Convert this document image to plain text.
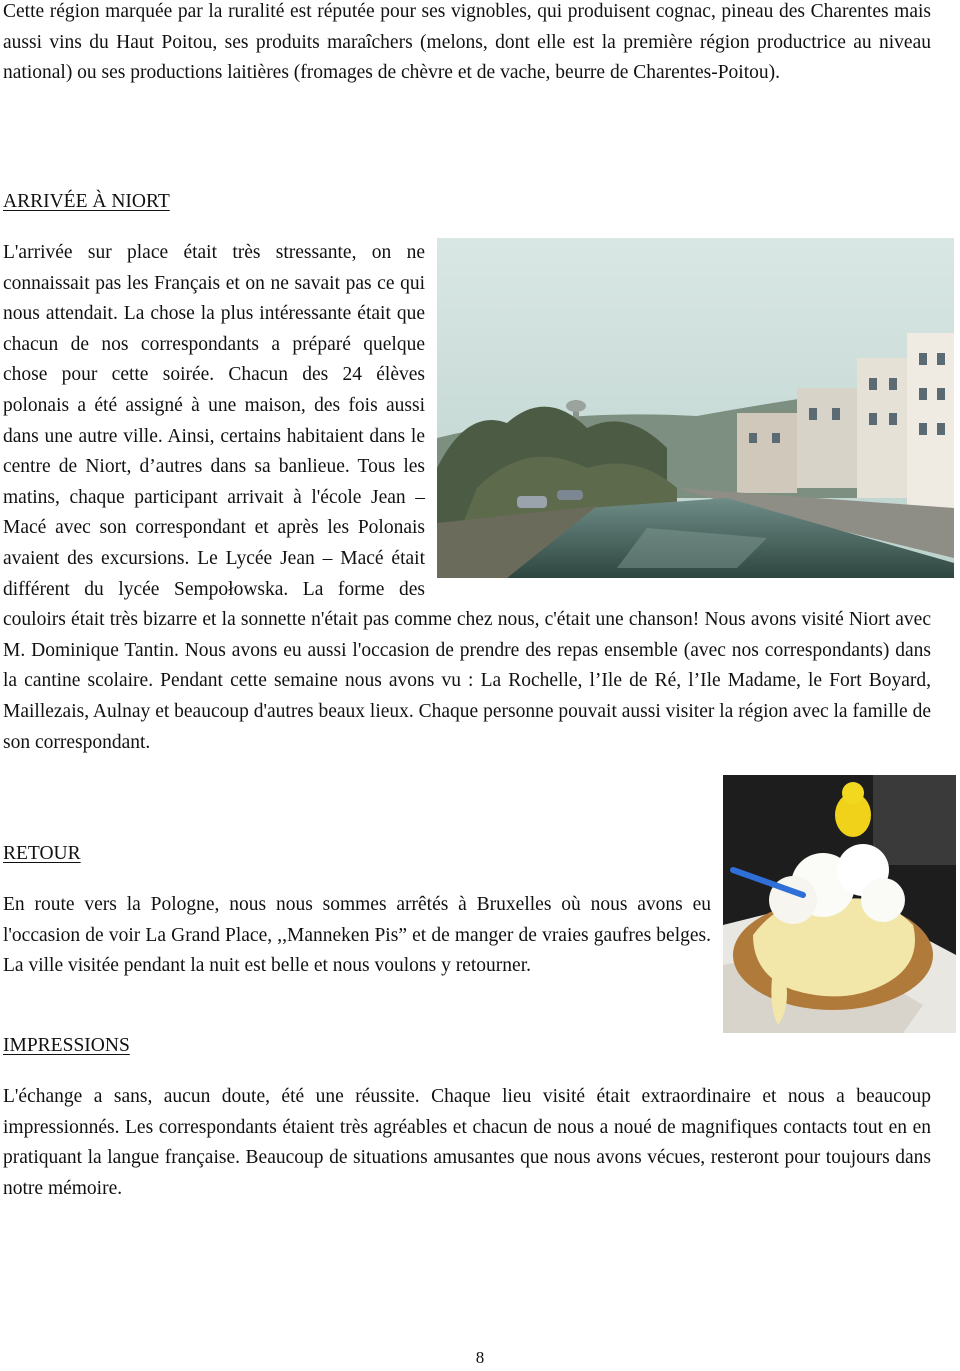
Cette région marquée par la ruralité est réputée pour ses vignobles, qui produisent cognac, pineau des Charentes mais aussi vins du Haut Poitou, ses produits maraîchers (melons, dont elle est la première région productrice au niveau national) ou ses productions laitières (fromages de chèvre et de vache, beurre de Charentes-Poitou).

ARRIVÉE À NIORT

L'arrivée sur place était très stressante, on ne connaissait pas les Français et on ne savait pas ce qui nous attendait. La chose la plus intéressante était que chacun de nos correspondants a préparé quelque chose pour cette soirée. Chacun des 24 élèves polonais a été assigné à une maison, des fois aussi dans une autre ville. Ainsi, certains habitaient dans le centre de Niort, d’autres dans sa banlieue. Tous les matins, chaque participant arrivait à l'école Jean – Macé avec son correspondant et après les Polonais avaient des excursions. Le Lycée Jean – Macé était différent du lycée Sempołowska. La forme des couloirs était très bizarre et la sonnette n'était pas comme chez nous, c'était une chanson! Nous avons visité Niort avec M. Dominique Tantin. Nous avons eu aussi l'occasion de prendre des repas ensemble (avec nos correspondants) dans la cantine scolaire. Pendant cette semaine nous avons vu : La Rochelle, l’Ile de Ré, l’Ile Madame, le Fort Boyard, Maillezais, Aulnay et beaucoup d'autres beaux lieux. Chaque personne pouvait aussi visiter la région avec la famille de son correspondant.

RETOUR

En route vers la Pologne, nous nous sommes arrêtés à Bruxelles où nous avons eu l'occasion de voir La Grand Place, ,,Manneken Pis” et de manger de vraies gaufres belges. La ville visitée pendant la nuit est belle et nous voulons y retourner.

IMPRESSIONS

L'échange a sans, aucun doute, été une réussite. Chaque lieu visité était extraordinaire et nous a beaucoup impressionnés. Les correspondants étaient très agréables et chacun de nous a noué de magnifiques contacts tout en en pratiquant la langue française. Beaucoup de situations amusantes que nous avons vécues, resteront pour toujours dans notre mémoire.

8
